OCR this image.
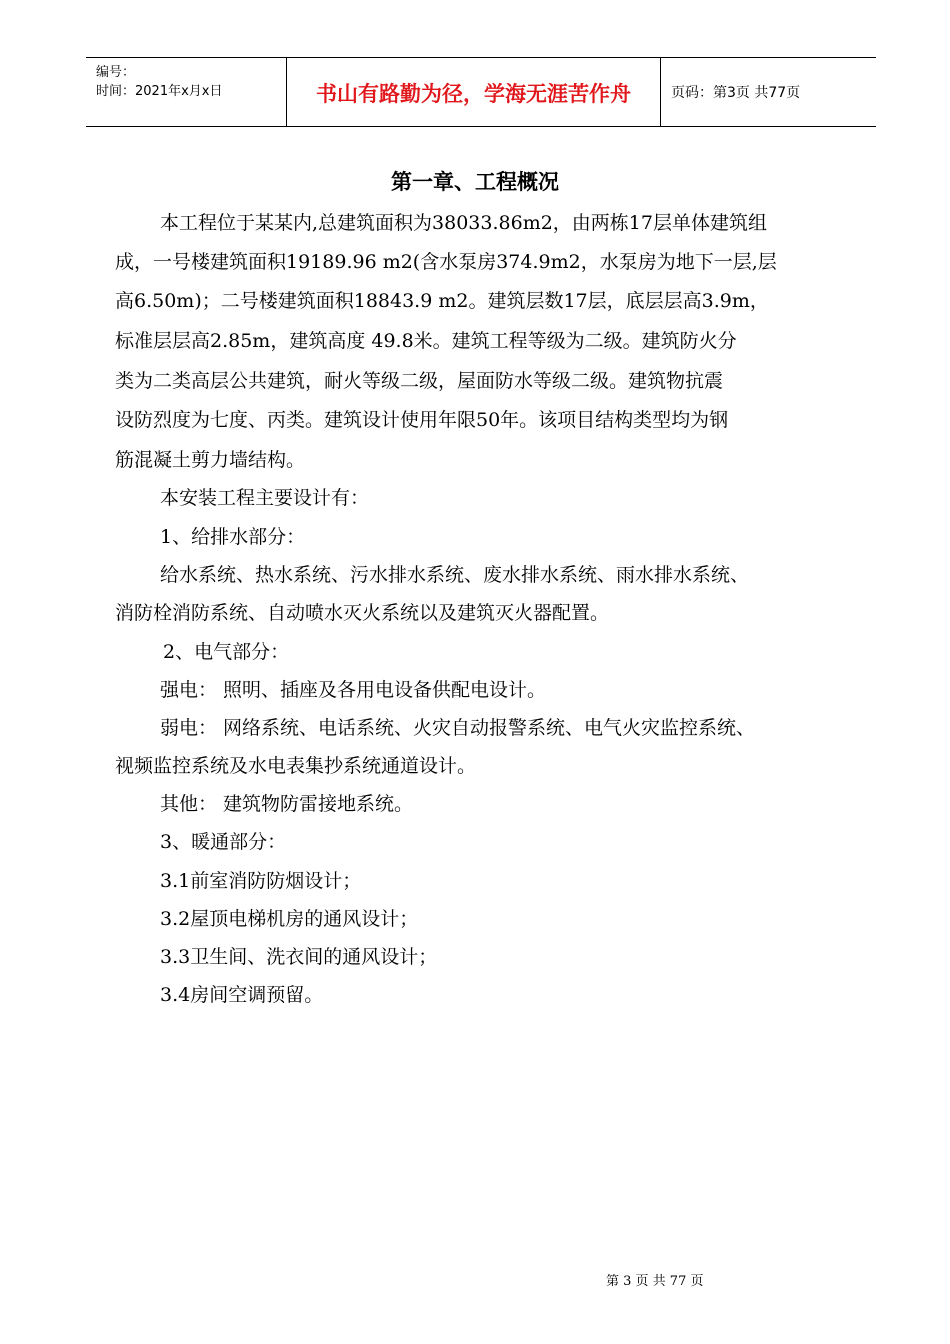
编号：
时间：2021年x月x日	书山有路勤为径，学海无涯苦作舟	页码：第3页 共77页
第一章、工程概况
本工程位于某某内,总建筑面积为38033.86m2，由两栋17层单体建筑组
成，一号楼建筑面积19189.96 m2(含水泵房374.9m2，水泵房为地下一层,层
高6.50m)；二号楼建筑面积18843.9 m2。建筑层数17层，底层层高3.9m，
标准层层高2.85m，建筑高度 49.8米。建筑工程等级为二级。建筑防火分
类为二类高层公共建筑，耐火等级二级，屋面防水等级二级。建筑物抗震
设防烈度为七度、丙类。建筑设计使用年限50年。该项目结构类型均为钢
筋混凝土剪力墙结构。
本安装工程主要设计有：
1、给排水部分：
给水系统、热水系统、污水排水系统、废水排水系统、雨水排水系统、
消防栓消防系统、自动喷水灭火系统以及建筑灭火器配置。
2、电气部分：
强电： 照明、插座及各用电设备供配电设计。
弱电： 网络系统、电话系统、火灾自动报警系统、电气火灾监控系统、
视频监控系统及水电表集抄系统通道设计。
其他： 建筑物防雷接地系统。
3、暖通部分：
3.1前室消防防烟设计；
3.2屋顶电梯机房的通风设计；
3.3卫生间、洗衣间的通风设计；
3.4房间空调预留。
第 3 页 共 77 页
